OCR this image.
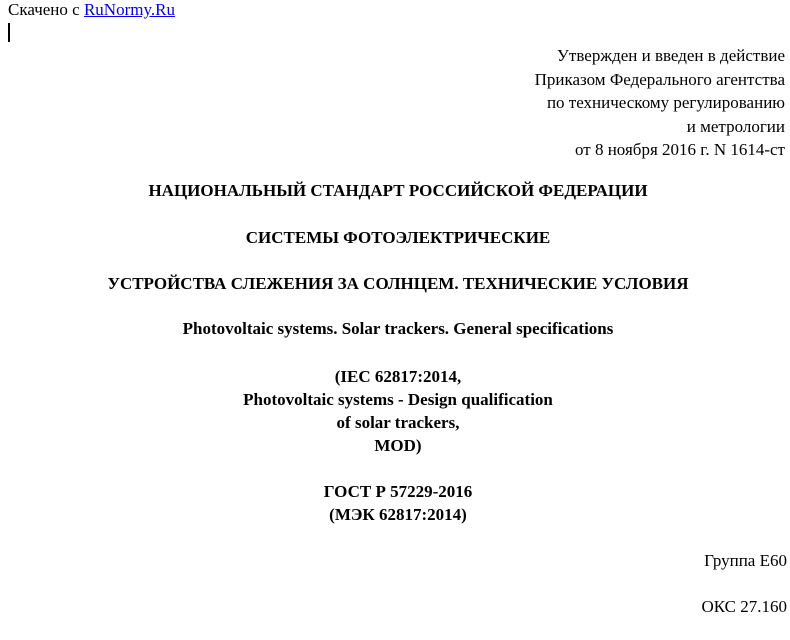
Скачено с RuNormy.Ru
Утвержден и введен в действие
Приказом Федерального агентства
по техническому регулированию
и метрологии
от 8 ноября 2016 г. N 1614-ст
НАЦИОНАЛЬНЫЙ СТАНДАРТ РОССИЙСКОЙ ФЕДЕРАЦИИ
СИСТЕМЫ ФОТОЭЛЕКТРИЧЕСКИЕ
УСТРОЙСТВА СЛЕЖЕНИЯ ЗА СОЛНЦЕМ. ТЕХНИЧЕСКИЕ УСЛОВИЯ
Photovoltaic systems. Solar trackers. General specifications
(IEC 62817:2014,
Photovoltaic systems - Design qualification
of solar trackers,
MOD)
ГОСТ Р 57229-2016
(МЭК 62817:2014)
Группа Е60
ОКС 27.160
